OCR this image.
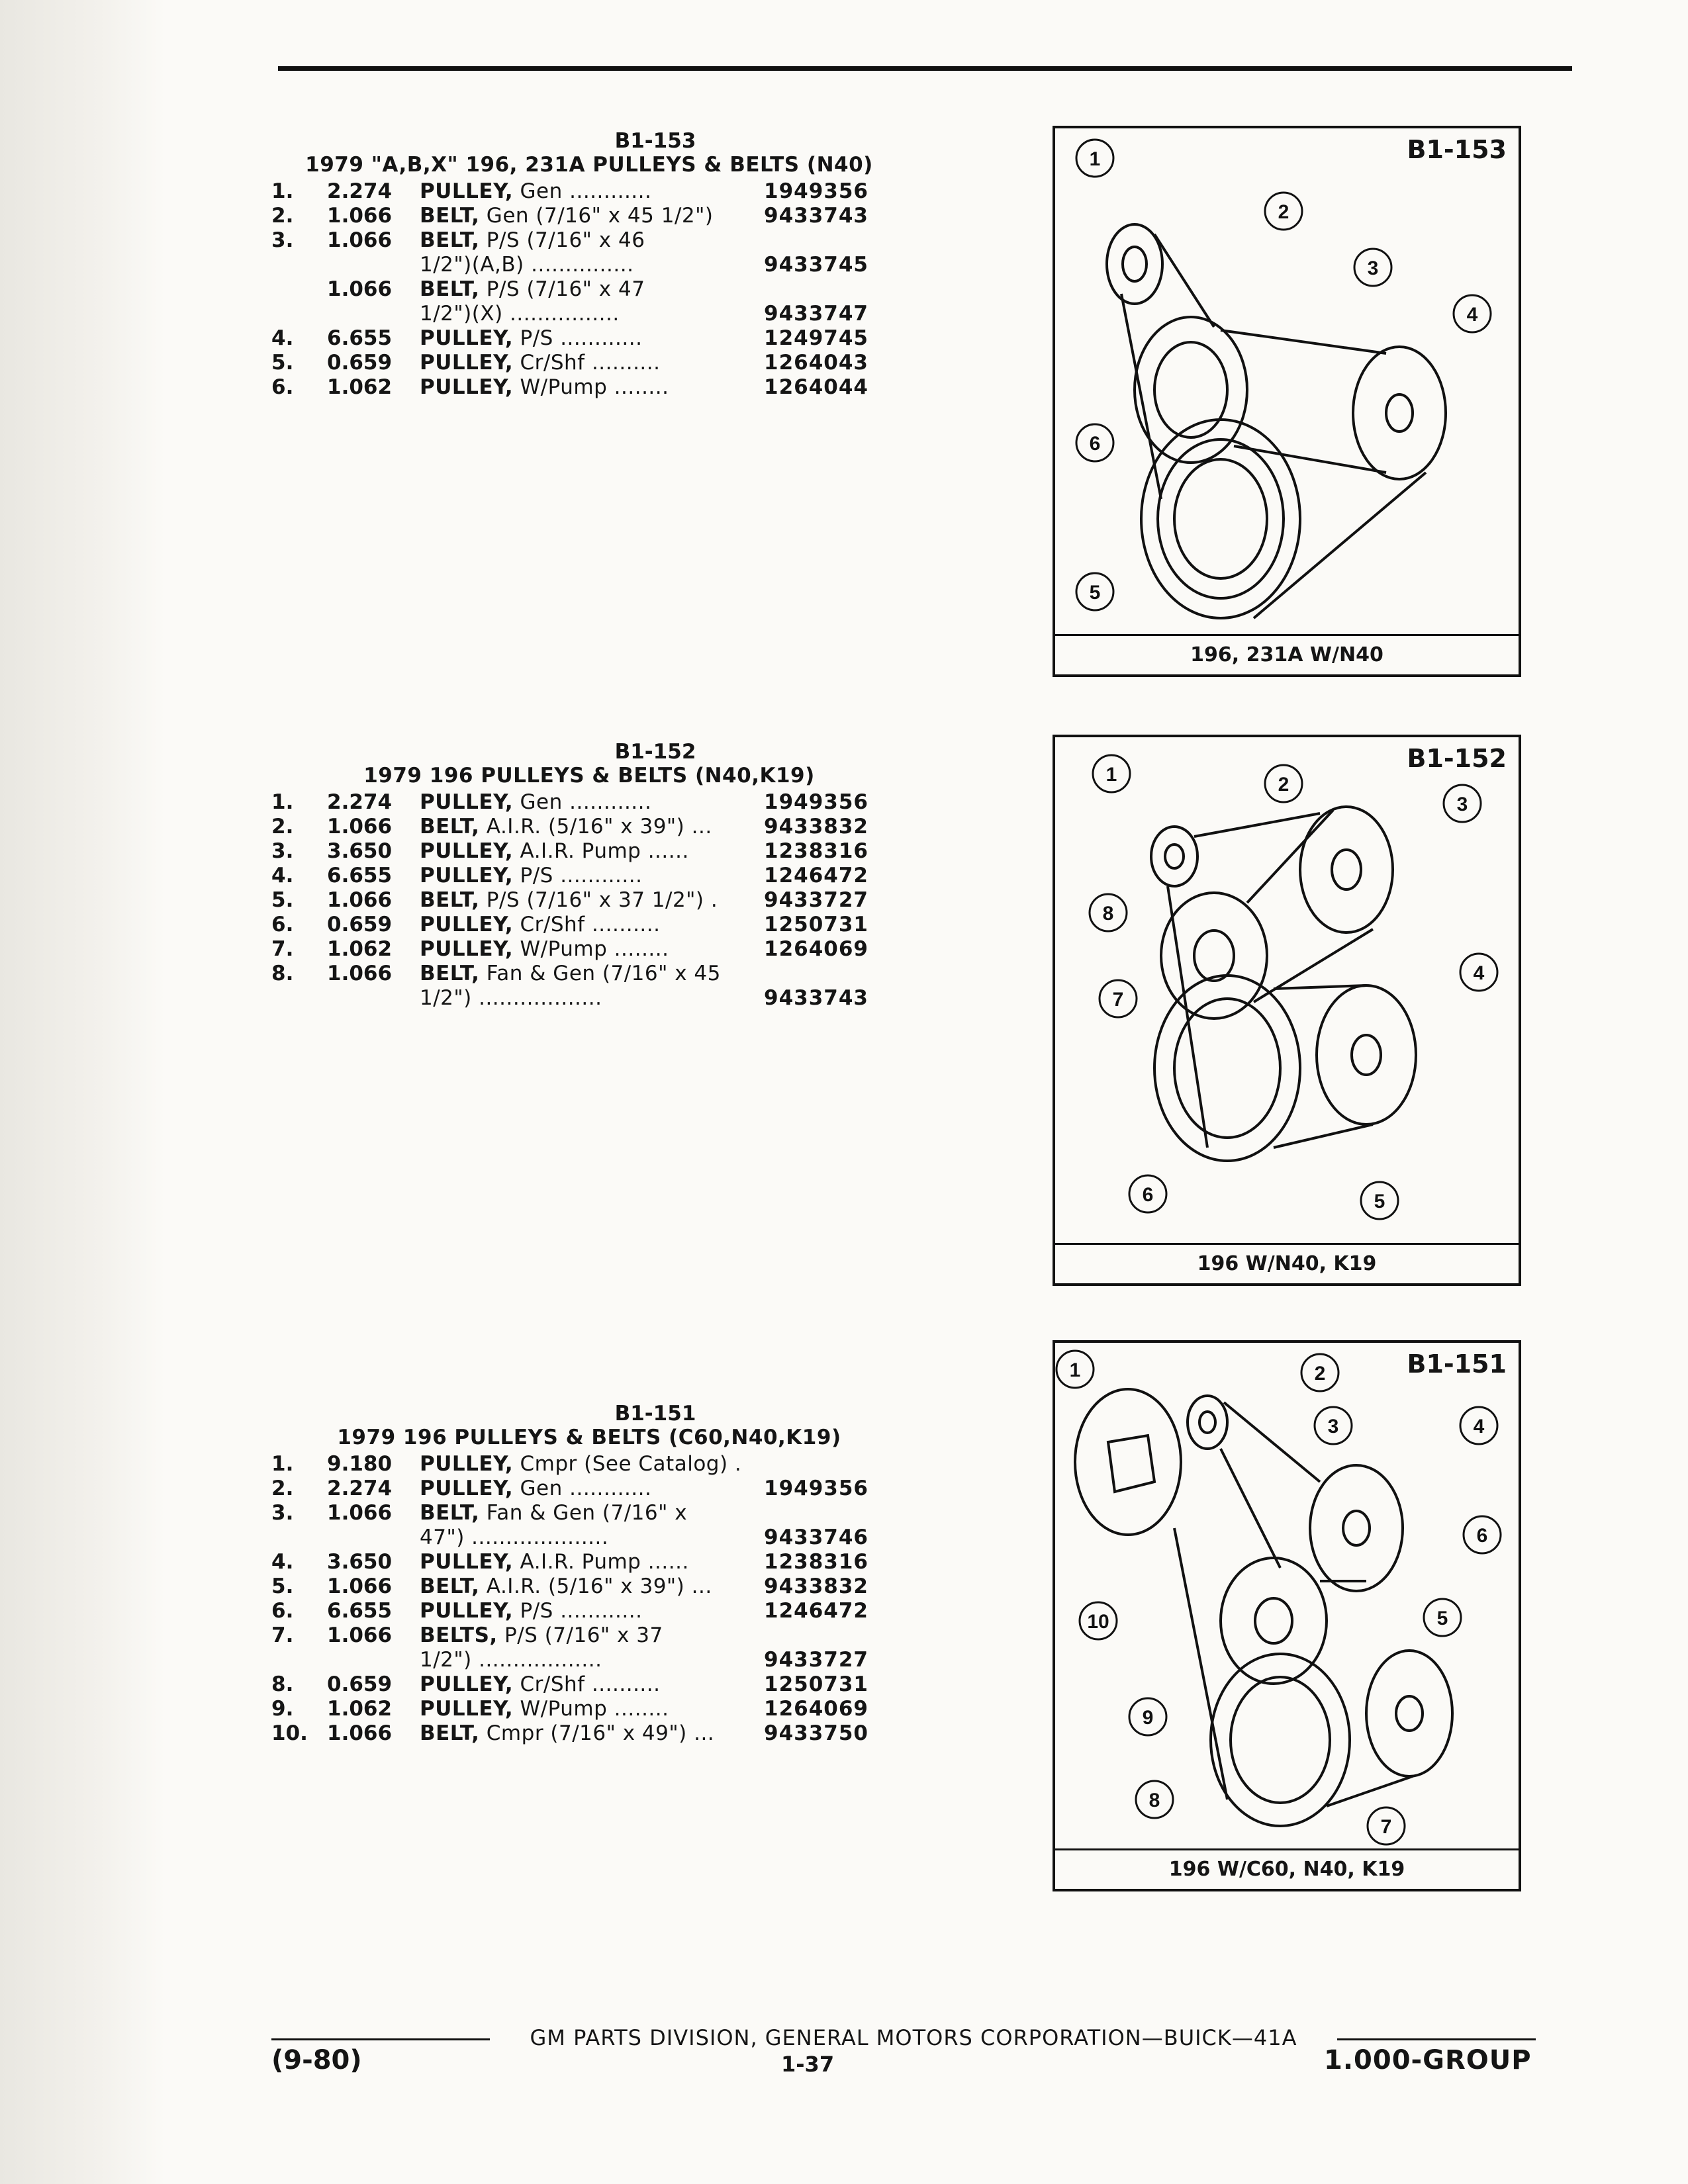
B1-153
1979 "A,B,X" 196, 231A PULLEYS & BELTS (N40)
1.	2.274	PULLEY, Gen ............	1949356
2.	1.066	BELT, Gen (7/16" x 45 1/2")	9433743
3.	1.066	BELT, P/S (7/16" x 46
1/2")(A,B) ...............	9433745
1.066	BELT, P/S (7/16" x 47
1/2")(X) ................	9433747
4.	6.655	PULLEY, P/S ............	1249745
5.	0.659	PULLEY, Cr/Shf ..........	1264043
6.	1.062	PULLEY, W/Pump ........	1264044
B1-152
1979 196 PULLEYS & BELTS (N40,K19)
1.	2.274	PULLEY, Gen ............	1949356
2.	1.066	BELT, A.I.R. (5/16" x 39") ...	9433832
3.	3.650	PULLEY, A.I.R. Pump ......	1238316
4.	6.655	PULLEY, P/S ............	1246472
5.	1.066	BELT, P/S (7/16" x 37 1/2") .	9433727
6.	0.659	PULLEY, Cr/Shf ..........	1250731
7.	1.062	PULLEY, W/Pump ........	1264069
8.	1.066	BELT, Fan & Gen (7/16" x 45
1/2") ..................	9433743
B1-151
1979 196 PULLEYS & BELTS (C60,N40,K19)
1.	9.180	PULLEY, Cmpr (See Catalog) .
2.	2.274	PULLEY, Gen ............	1949356
3.	1.066	BELT, Fan & Gen (7/16" x
47") ....................	9433746
4.	3.650	PULLEY, A.I.R. Pump ......	1238316
5.	1.066	BELT, A.I.R. (5/16" x 39") ...	9433832
6.	6.655	PULLEY, P/S ............	1246472
7.	1.066	BELTS, P/S (7/16" x 37
1/2") ..................	9433727
8.	0.659	PULLEY, Cr/Shf ..........	1250731
9.	1.062	PULLEY, W/Pump ........	1264069
10. 1.066	BELT, Cmpr (7/16" x 49") ...	9433750
1
2
3
4
5
6
B1-153
196, 231A W/N40
1	2
3
4
5
6
7
8
B1-152
196 W/N40, K19
1	2
3	4
5
6
7
8
9
10
B1-151
196 W/C60, N40, K19
GM PARTS DIVISION, GENERAL MOTORS CORPORATION—BUICK—41A
(9-80)	1-37	1.000-GROUP
